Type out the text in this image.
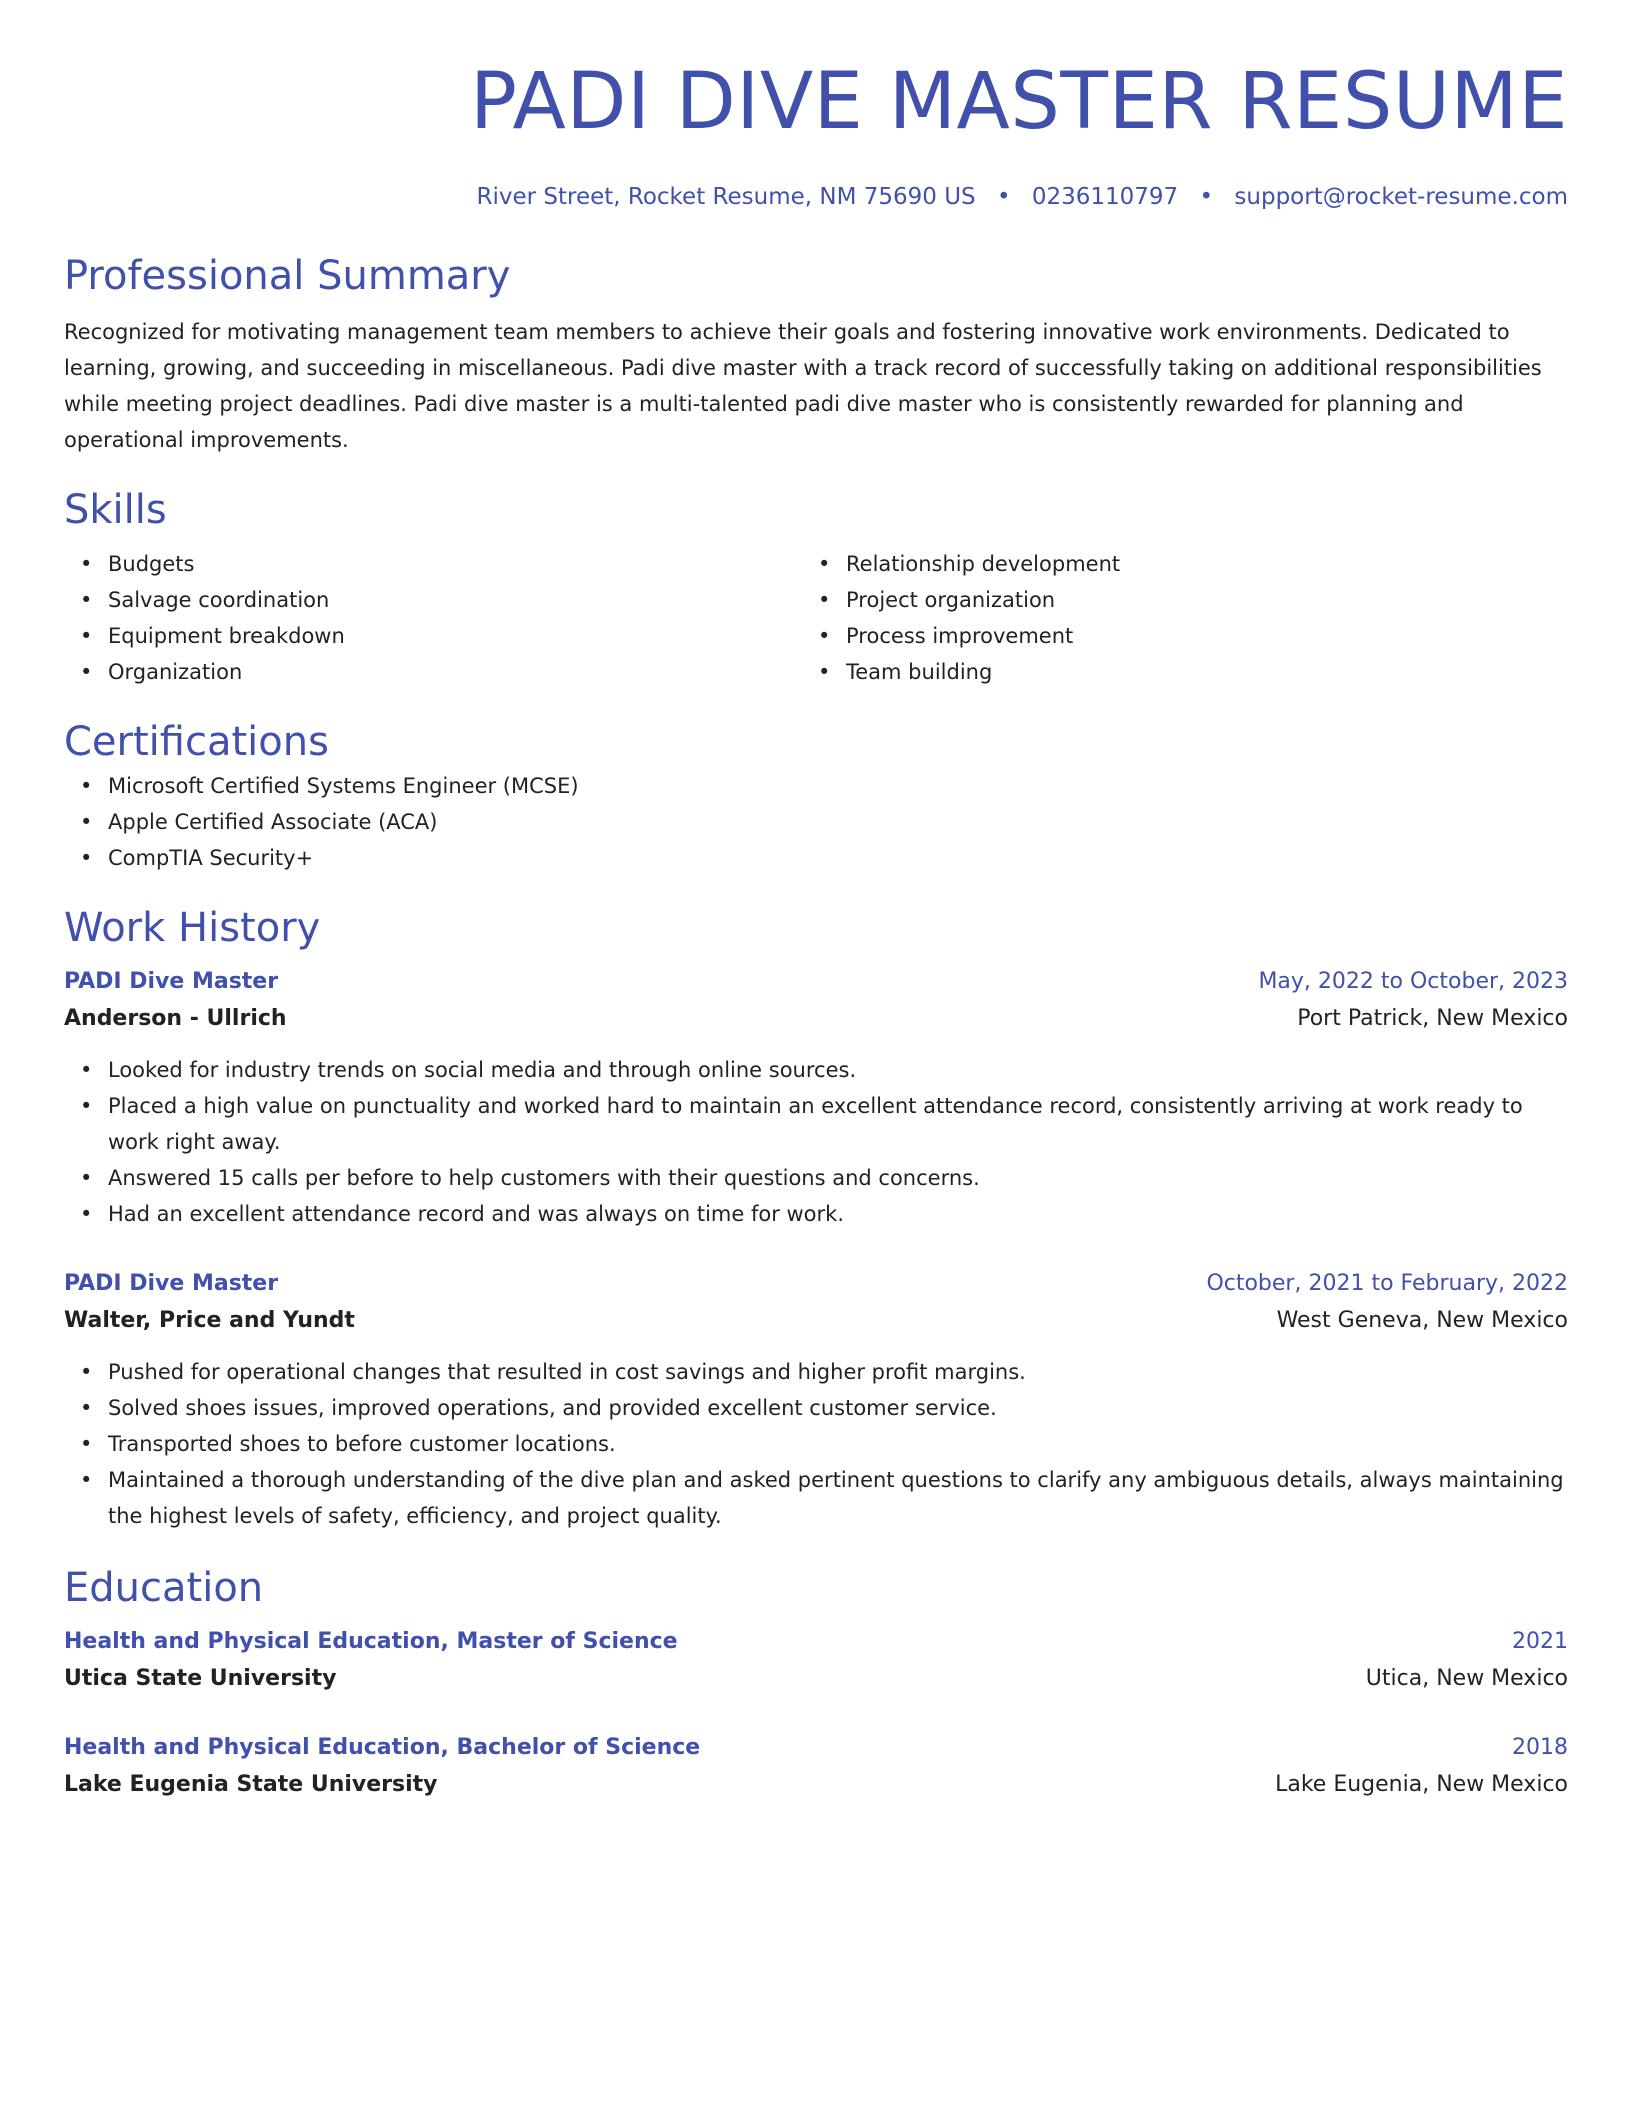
PADI DIVE MASTER RESUME
River Street, Rocket Resume, NM 75690 US • 0236110797 • support@rocket-resume.com
Professional Summary
Recognized for motivating management team members to achieve their goals and fostering innovative work environments. Dedicated to learning, growing, and succeeding in miscellaneous. Padi dive master with a track record of successfully taking on additional responsibilities while meeting project deadlines. Padi dive master is a multi-talented padi dive master who is consistently rewarded for planning and operational improvements.
Skills
• Budgets
• Salvage coordination
• Equipment breakdown
• Organization
• Relationship development
• Project organization
• Process improvement
• Team building
Certifications
• Microsoft Certified Systems Engineer (MCSE)
• Apple Certified Associate (ACA)
• CompTIA Security+
Work History
PADI Dive Master	May, 2022 to October, 2023
Anderson - Ullrich	Port Patrick, New Mexico
• Looked for industry trends on social media and through online sources.
• Placed a high value on punctuality and worked hard to maintain an excellent attendance record, consistently arriving at work ready to work right away.
• Answered 15 calls per before to help customers with their questions and concerns.
• Had an excellent attendance record and was always on time for work.
PADI Dive Master	October, 2021 to February, 2022
Walter, Price and Yundt	West Geneva, New Mexico
• Pushed for operational changes that resulted in cost savings and higher profit margins.
• Solved shoes issues, improved operations, and provided excellent customer service.
• Transported shoes to before customer locations.
• Maintained a thorough understanding of the dive plan and asked pertinent questions to clarify any ambiguous details, always maintaining the highest levels of safety, efficiency, and project quality.
Education
Health and Physical Education, Master of Science	2021
Utica State University	Utica, New Mexico
Health and Physical Education, Bachelor of Science	2018
Lake Eugenia State University	Lake Eugenia, New Mexico
